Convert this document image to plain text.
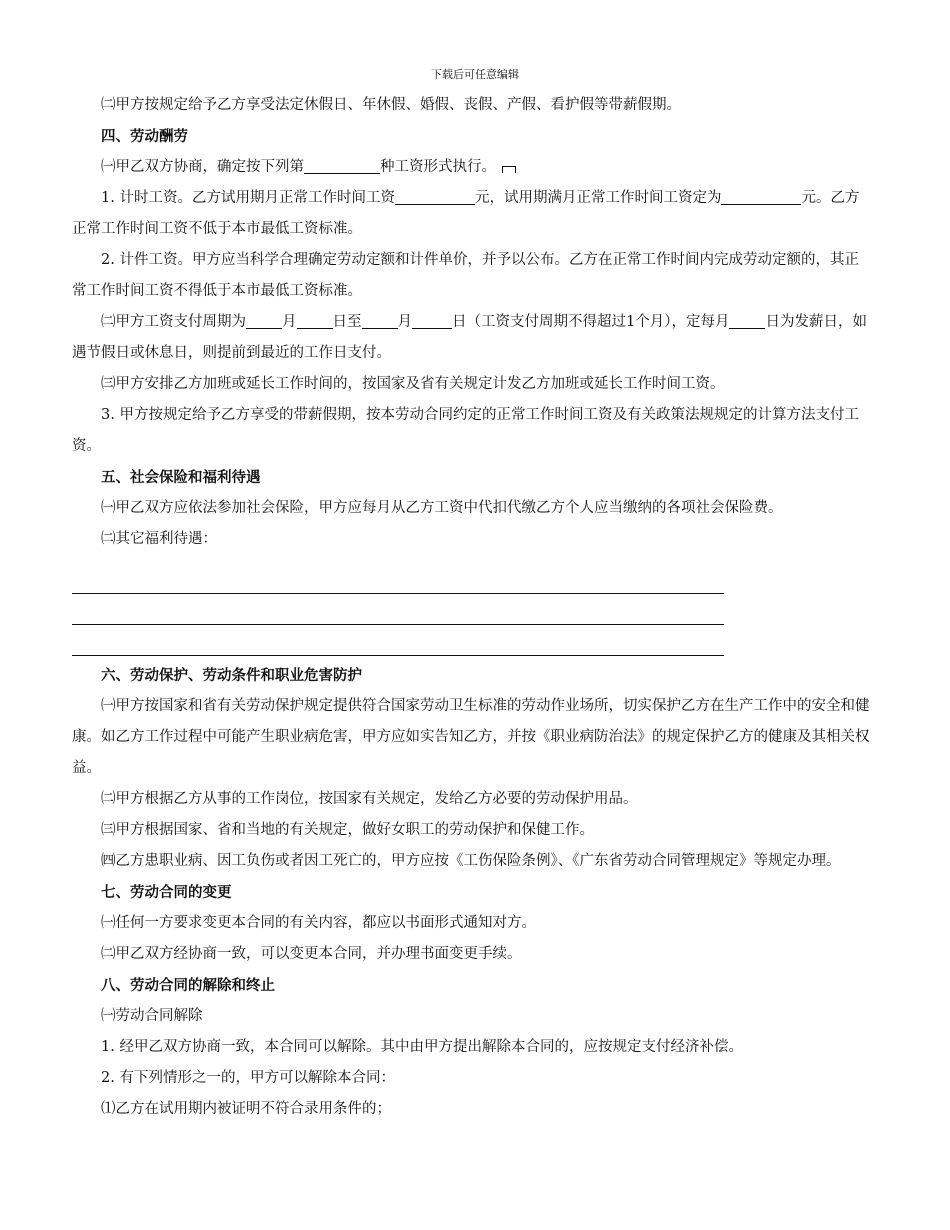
下载后可任意编辑

㈡甲方按规定给予乙方享受法定休假日、年休假、婚假、丧假、产假、看护假等带薪假期。

四、劳动酬劳

㈠甲乙双方协商，确定按下列第	种工资形式执行。

1. 计时工资。乙方试用期月正常工作时间工资	元，试用期满月正常工作时间工资定为	元。乙方正常工作时间工资不低于本市最低工资标准。

2. 计件工资。甲方应当科学合理确定劳动定额和计件单价，并予以公布。乙方在正常工作时间内完成劳动定额的，其正常工作时间工资不得低于本市最低工资标准。

㈡甲方工资支付周期为 月 日至 月	日（工资支付周期不得超过1个月），定每月 日为发薪日，如遇节假日或休息日，则提前到最近的工作日支付。

㈢甲方安排乙方加班或延长工作时间的，按国家及省有关规定计发乙方加班或延长工作时间工资。

3. 甲方按规定给予乙方享受的带薪假期，按本劳动合同约定的正常工作时间工资及有关政策法规规定的计算方法支付工资。

五、社会保险和福利待遇

㈠甲乙双方应依法参加社会保险，甲方应每月从乙方工资中代扣代缴乙方个人应当缴纳的各项社会保险费。

㈡其它福利待遇：

六、劳动保护、劳动条件和职业危害防护

㈠甲方按国家和省有关劳动保护规定提供符合国家劳动卫生标准的劳动作业场所，切实保护乙方在生产工作中的安全和健康。如乙方工作过程中可能产生职业病危害，甲方应如实告知乙方，并按《职业病防治法》的规定保护乙方的健康及其相关权益。

㈡甲方根据乙方从事的工作岗位，按国家有关规定，发给乙方必要的劳动保护用品。

㈢甲方根据国家、省和当地的有关规定，做好女职工的劳动保护和保健工作。

㈣乙方患职业病、因工负伤或者因工死亡的，甲方应按《工伤保险条例》、《广东省劳动合同管理规定》等规定办理。

七、劳动合同的变更

㈠任何一方要求变更本合同的有关内容，都应以书面形式通知对方。

㈡甲乙双方经协商一致，可以变更本合同，并办理书面变更手续。

八、劳动合同的解除和终止

㈠劳动合同解除

1. 经甲乙双方协商一致，本合同可以解除。其中由甲方提出解除本合同的，应按规定支付经济补偿。

2. 有下列情形之一的，甲方可以解除本合同：

⑴乙方在试用期内被证明不符合录用条件的；
